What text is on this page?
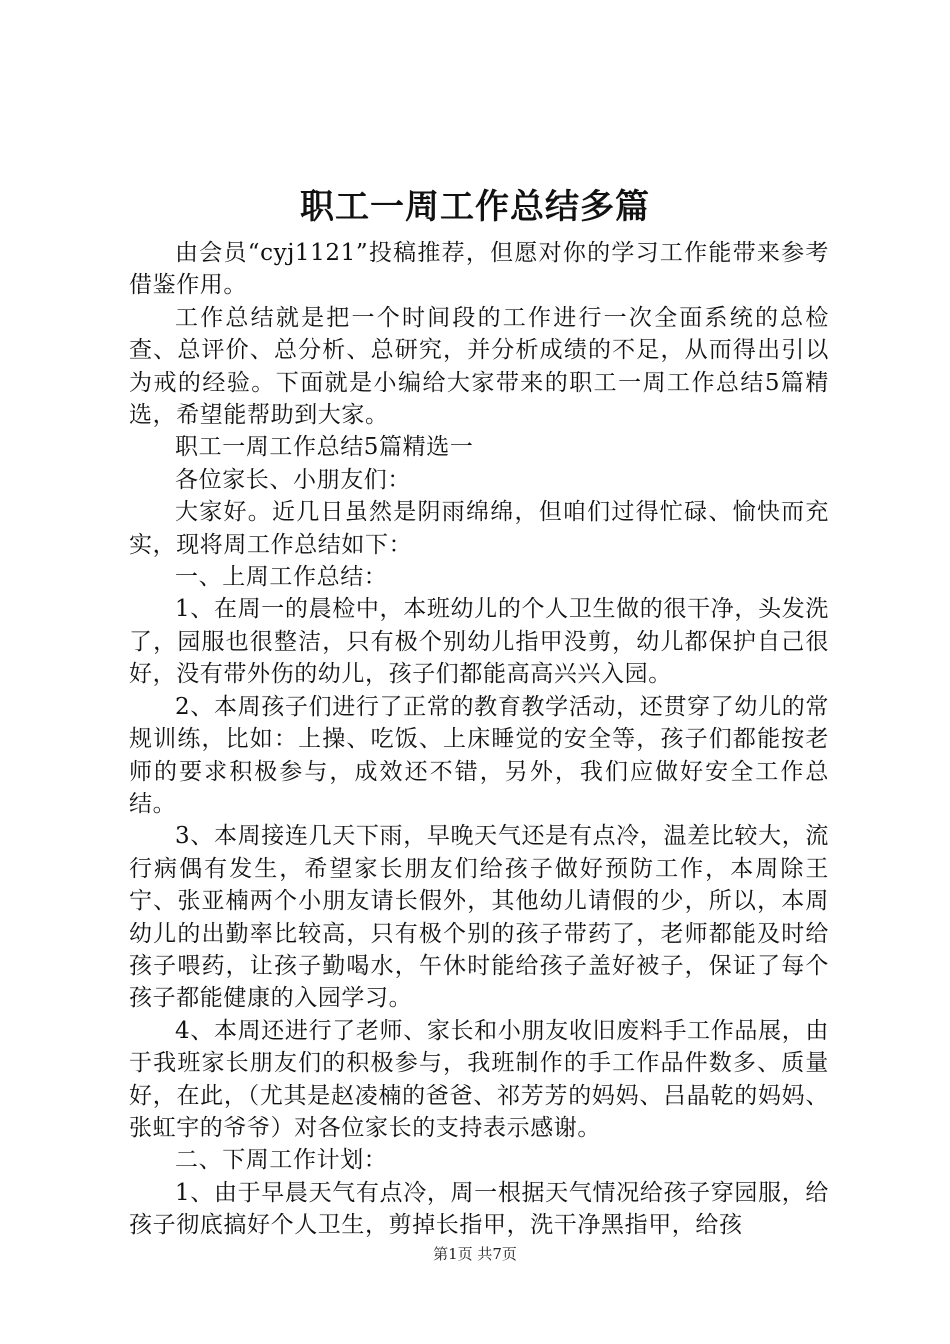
职工一周工作总结多篇

由会员“cyj1121”投稿推荐，但愿对你的学习工作能带来参考借鉴作用。

工作总结就是把一个时间段的工作进行一次全面系统的总检查、总评价、总分析、总研究，并分析成绩的不足，从而得出引以为戒的经验。下面就是小编给大家带来的职工一周工作总结5篇精选，希望能帮助到大家。

职工一周工作总结5篇精选一

各位家长、小朋友们：

大家好。近几日虽然是阴雨绵绵，但咱们过得忙碌、愉快而充实，现将周工作总结如下：

一、上周工作总结：

1、在周一的晨检中，本班幼儿的个人卫生做的很干净，头发洗了，园服也很整洁，只有极个别幼儿指甲没剪，幼儿都保护自己很好，没有带外伤的幼儿，孩子们都能高高兴兴入园。

2、本周孩子们进行了正常的教育教学活动，还贯穿了幼儿的常规训练，比如：上操、吃饭、上床睡觉的安全等，孩子们都能按老师的要求积极参与，成效还不错，另外，我们应做好安全工作总结。

3、本周接连几天下雨，早晚天气还是有点冷，温差比较大，流行病偶有发生，希望家长朋友们给孩子做好预防工作，本周除王宁、张亚楠两个小朋友请长假外，其他幼儿请假的少，所以，本周幼儿的出勤率比较高，只有极个别的孩子带药了，老师都能及时给孩子喂药，让孩子勤喝水，午休时能给孩子盖好被子，保证了每个孩子都能健康的入园学习。

4、本周还进行了老师、家长和小朋友收旧废料手工作品展，由于我班家长朋友们的积极参与，我班制作的手工作品件数多、质量好，在此，（尤其是赵凌楠的爸爸、祁芳芳的妈妈、吕晶乾的妈妈、张虹宇的爷爷）对各位家长的支持表示感谢。

二、下周工作计划：

1、由于早晨天气有点冷，周一根据天气情况给孩子穿园服，给孩子彻底搞好个人卫生，剪掉长指甲，洗干净黑指甲，给孩

第1页 共7页
